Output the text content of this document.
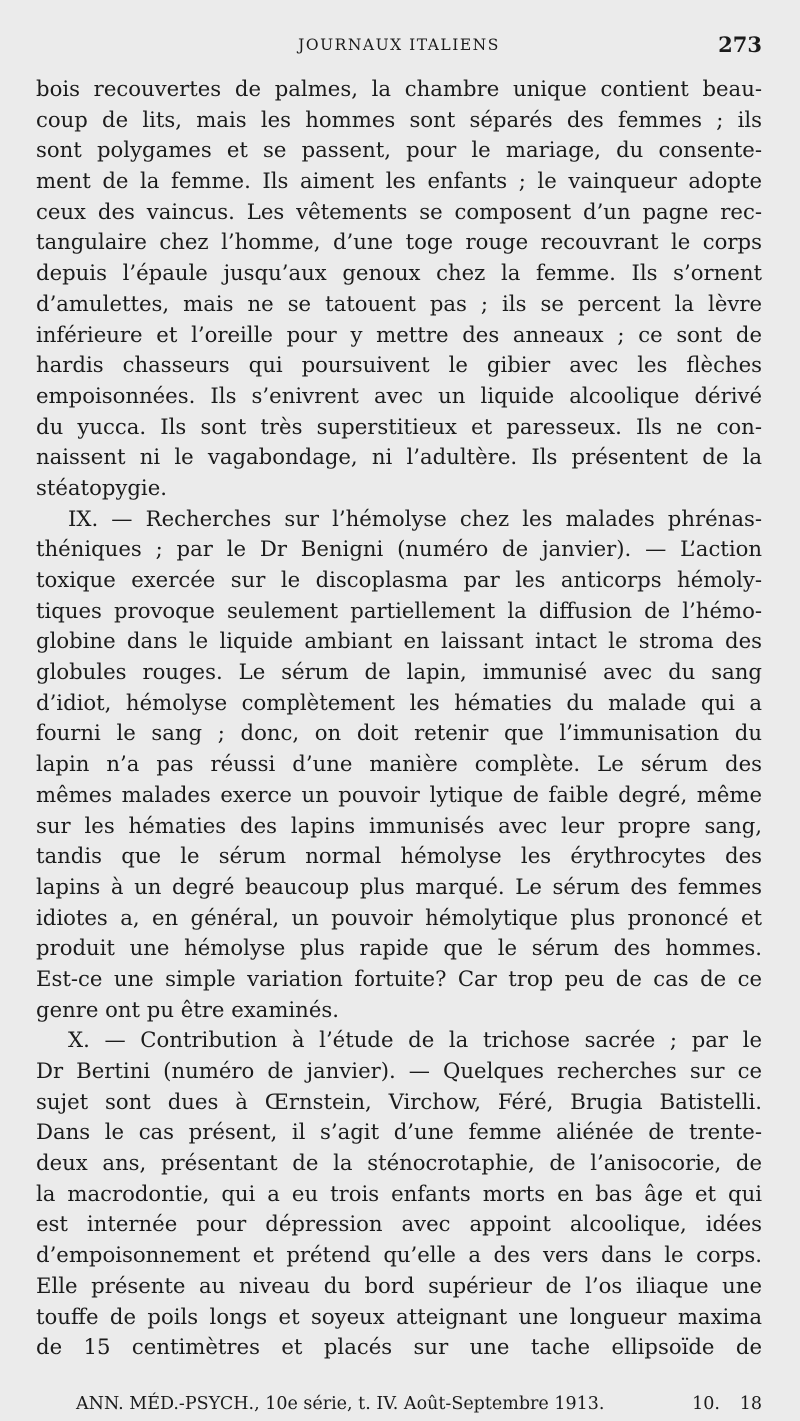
JOURNAUX ITALIENS	273
bois recouvertes de palmes, la chambre unique contient beau-
coup de lits, mais les hommes sont séparés des femmes ; ils
sont polygames et se passent, pour le mariage, du consente-
ment de la femme. Ils aiment les enfants ; le vainqueur adopte
ceux des vaincus. Les vêtements se composent d’un pagne rec-
tangulaire chez l’homme, d’une toge rouge recouvrant le corps
depuis l’épaule jusqu’aux genoux chez la femme. Ils s’ornent
d’amulettes, mais ne se tatouent pas ; ils se percent la lèvre
inférieure et l’oreille pour y mettre des anneaux ; ce sont de
hardis chasseurs qui poursuivent le gibier avec les flèches
empoisonnées. Ils s’enivrent avec un liquide alcoolique dérivé
du yucca. Ils sont très superstitieux et paresseux. Ils ne con-
naissent ni le vagabondage, ni l’adultère. Ils présentent de la
stéatopygie.
IX. — Recherches sur l’hémolyse chez les malades phrénas-
théniques ; par le Dr Benigni (numéro de janvier). — L’action
toxique exercée sur le discoplasma par les anticorps hémoly-
tiques provoque seulement partiellement la diffusion de l’hémo-
globine dans le liquide ambiant en laissant intact le stroma des
globules rouges. Le sérum de lapin, immunisé avec du sang
d’idiot, hémolyse complètement les hématies du malade qui a
fourni le sang ; donc, on doit retenir que l’immunisation du
lapin n’a pas réussi d’une manière complète. Le sérum des
mêmes malades exerce un pouvoir lytique de faible degré, même
sur les hématies des lapins immunisés avec leur propre sang,
tandis que le sérum normal hémolyse les érythrocytes des
lapins à un degré beaucoup plus marqué. Le sérum des femmes
idiotes a, en général, un pouvoir hémolytique plus prononcé et
produit une hémolyse plus rapide que le sérum des hommes.
Est-ce une simple variation fortuite? Car trop peu de cas de ce
genre ont pu être examinés.
X. — Contribution à l’étude de la trichose sacrée ; par le
Dr Bertini (numéro de janvier). — Quelques recherches sur ce
sujet sont dues à Œrnstein, Virchow, Féré, Brugia Batistelli.
Dans le cas présent, il s’agit d’une femme aliénée de trente-
deux ans, présentant de la sténocrotaphie, de l’anisocorie, de
la macrodontie, qui a eu trois enfants morts en bas âge et qui
est internée pour dépression avec appoint alcoolique, idées
d’empoisonnement et prétend qu’elle a des vers dans le corps.
Elle présente au niveau du bord supérieur de l’os iliaque une
touffe de poils longs et soyeux atteignant une longueur maxima
de 15 centimètres et placés sur une tache ellipsoïde de
ANN. MÉD.-PSYCH., 10e série, t. IV. Août-Septembre 1913.	10. 18
